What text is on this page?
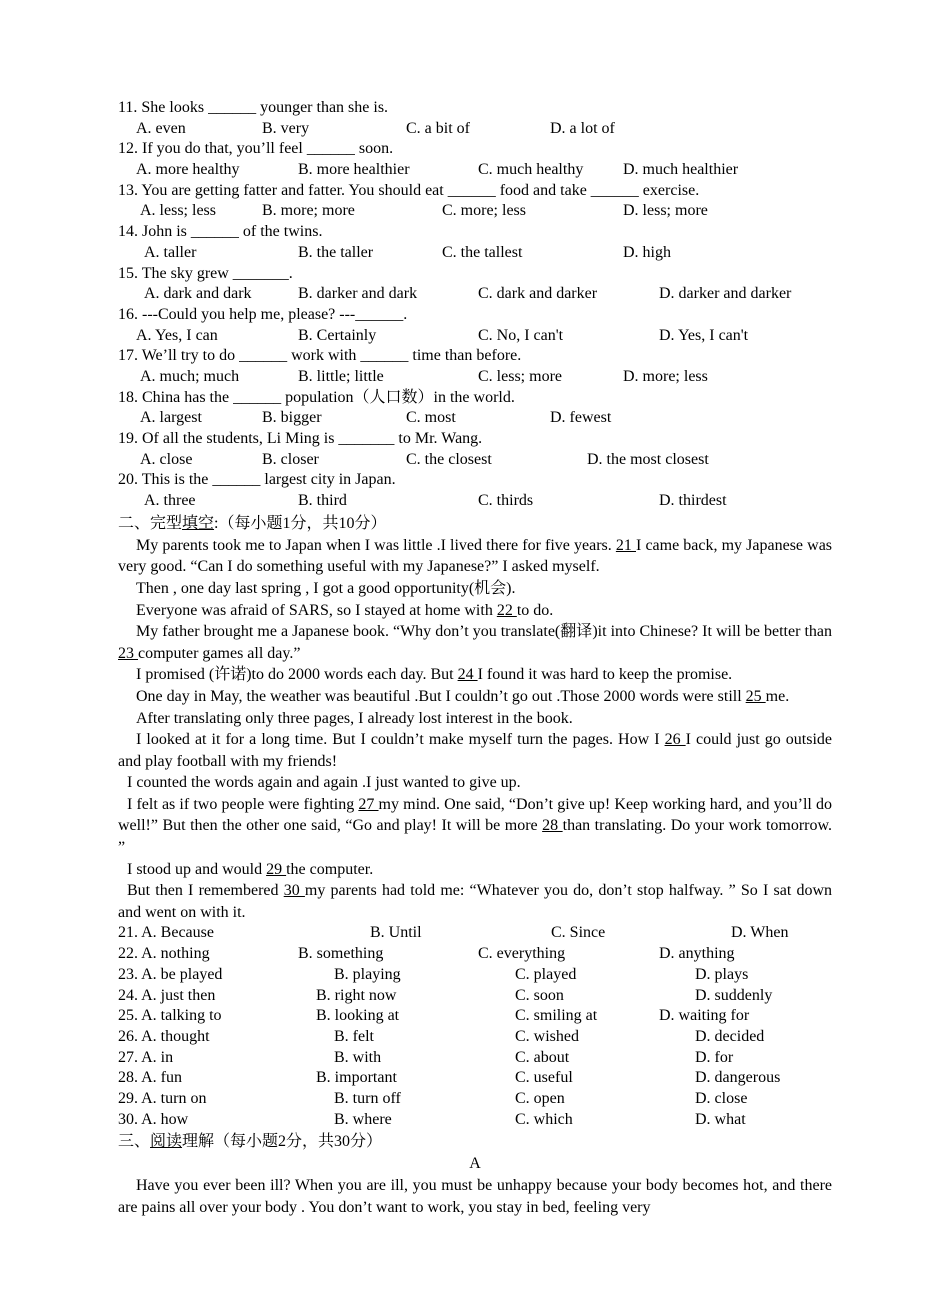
11. She looks ______ younger than she is.
A. even	B. very	C. a bit of	D. a lot of
12. If you do that, you’ll feel ______ soon.
A. more healthy	B. more healthier	C. much healthy D. much healthier
13. You are getting fatter and fatter. You should eat ______ food and take ______ exercise.
A. less; less	B. more; more	C. more; less	D. less; more
14. John is ______ of the twins.
A. taller	B. the taller	C. the tallest	D. high
15. The sky grew _______.
A. dark and dark	B. darker and dark	C. dark and darker	D. darker and darker
16. ---Could you help me, please? ---______.
A. Yes, I can	B. Certainly	C. No, I can't	D. Yes, I can't
17. We’ll try to do ______ work with ______ time than before.
A. much; much	B. little; little	C. less; more	D. more; less
18. China has the ______ population（人口数）in the world.
A. largest	B. bigger	C. most	D. fewest
19. Of all the students, Li Ming is _______ to Mr. Wang.
A. close	B. closer	C. the closest	D. the most closest
20. This is the ______ largest city in Japan.
A. three	B. third	C. thirds	D. thirdest
二、完型填空:（每小题1分，共10分）

My parents took me to Japan when I was little .I lived there for five years. 21 I came back, my Japanese was very good. “Can I do something useful with my Japanese?” I asked myself.

Then , one day last spring , I got a good opportunity(机会).

Everyone was afraid of SARS, so I stayed at home with 22 to do.

My father brought me a Japanese book. “Why don’t you translate(翻译)it into Chinese? It will be better than 23 computer games all day.”

I promised (许诺)to do 2000 words each day. But 24 I found it was hard to keep the promise.

One day in May, the weather was beautiful .But I couldn’t go out .Those 2000 words were still 25 me.

After translating only three pages, I already lost interest in the book.

I looked at it for a long time. But I couldn’t make myself turn the pages. How I 26 I could just go outside and play football with my friends!

I counted the words again and again .I just wanted to give up.

I felt as if two people were fighting 27 my mind. One said, “Don’t give up! Keep working hard, and you’ll do well!” But then the other one said, “Go and play! It will be more 28 than translating. Do your work tomorrow. ”

I stood up and would 29 the computer.

But then I remembered 30 my parents had told me: “Whatever you do, don’t stop halfway. ” So I sat down and went on with it.

21. A. Because	B. Until	C. Since	D. When
22. A. nothing	B. something	C. everything	D. anything
23. A. be played	B. playing	C. played	D. plays
24. A. just then	B. right now	C. soon	D. suddenly
25. A. talking to	B. looking at	C. smiling at	D. waiting for
26. A. thought	B. felt	C. wished	D. decided
27. A. in	B. with	C. about	D. for
28. A. fun	B. important	C. useful	D. dangerous
29. A. turn on	B. turn off	C. open	D. close
30. A. how	B. where	C. which	D. what
三、阅读理解（每小题2分，共30分）
A

Have you ever been ill? When you are ill, you must be unhappy because your body becomes hot, and there are pains all over your body . You don’t want to work, you stay in bed, feeling very
